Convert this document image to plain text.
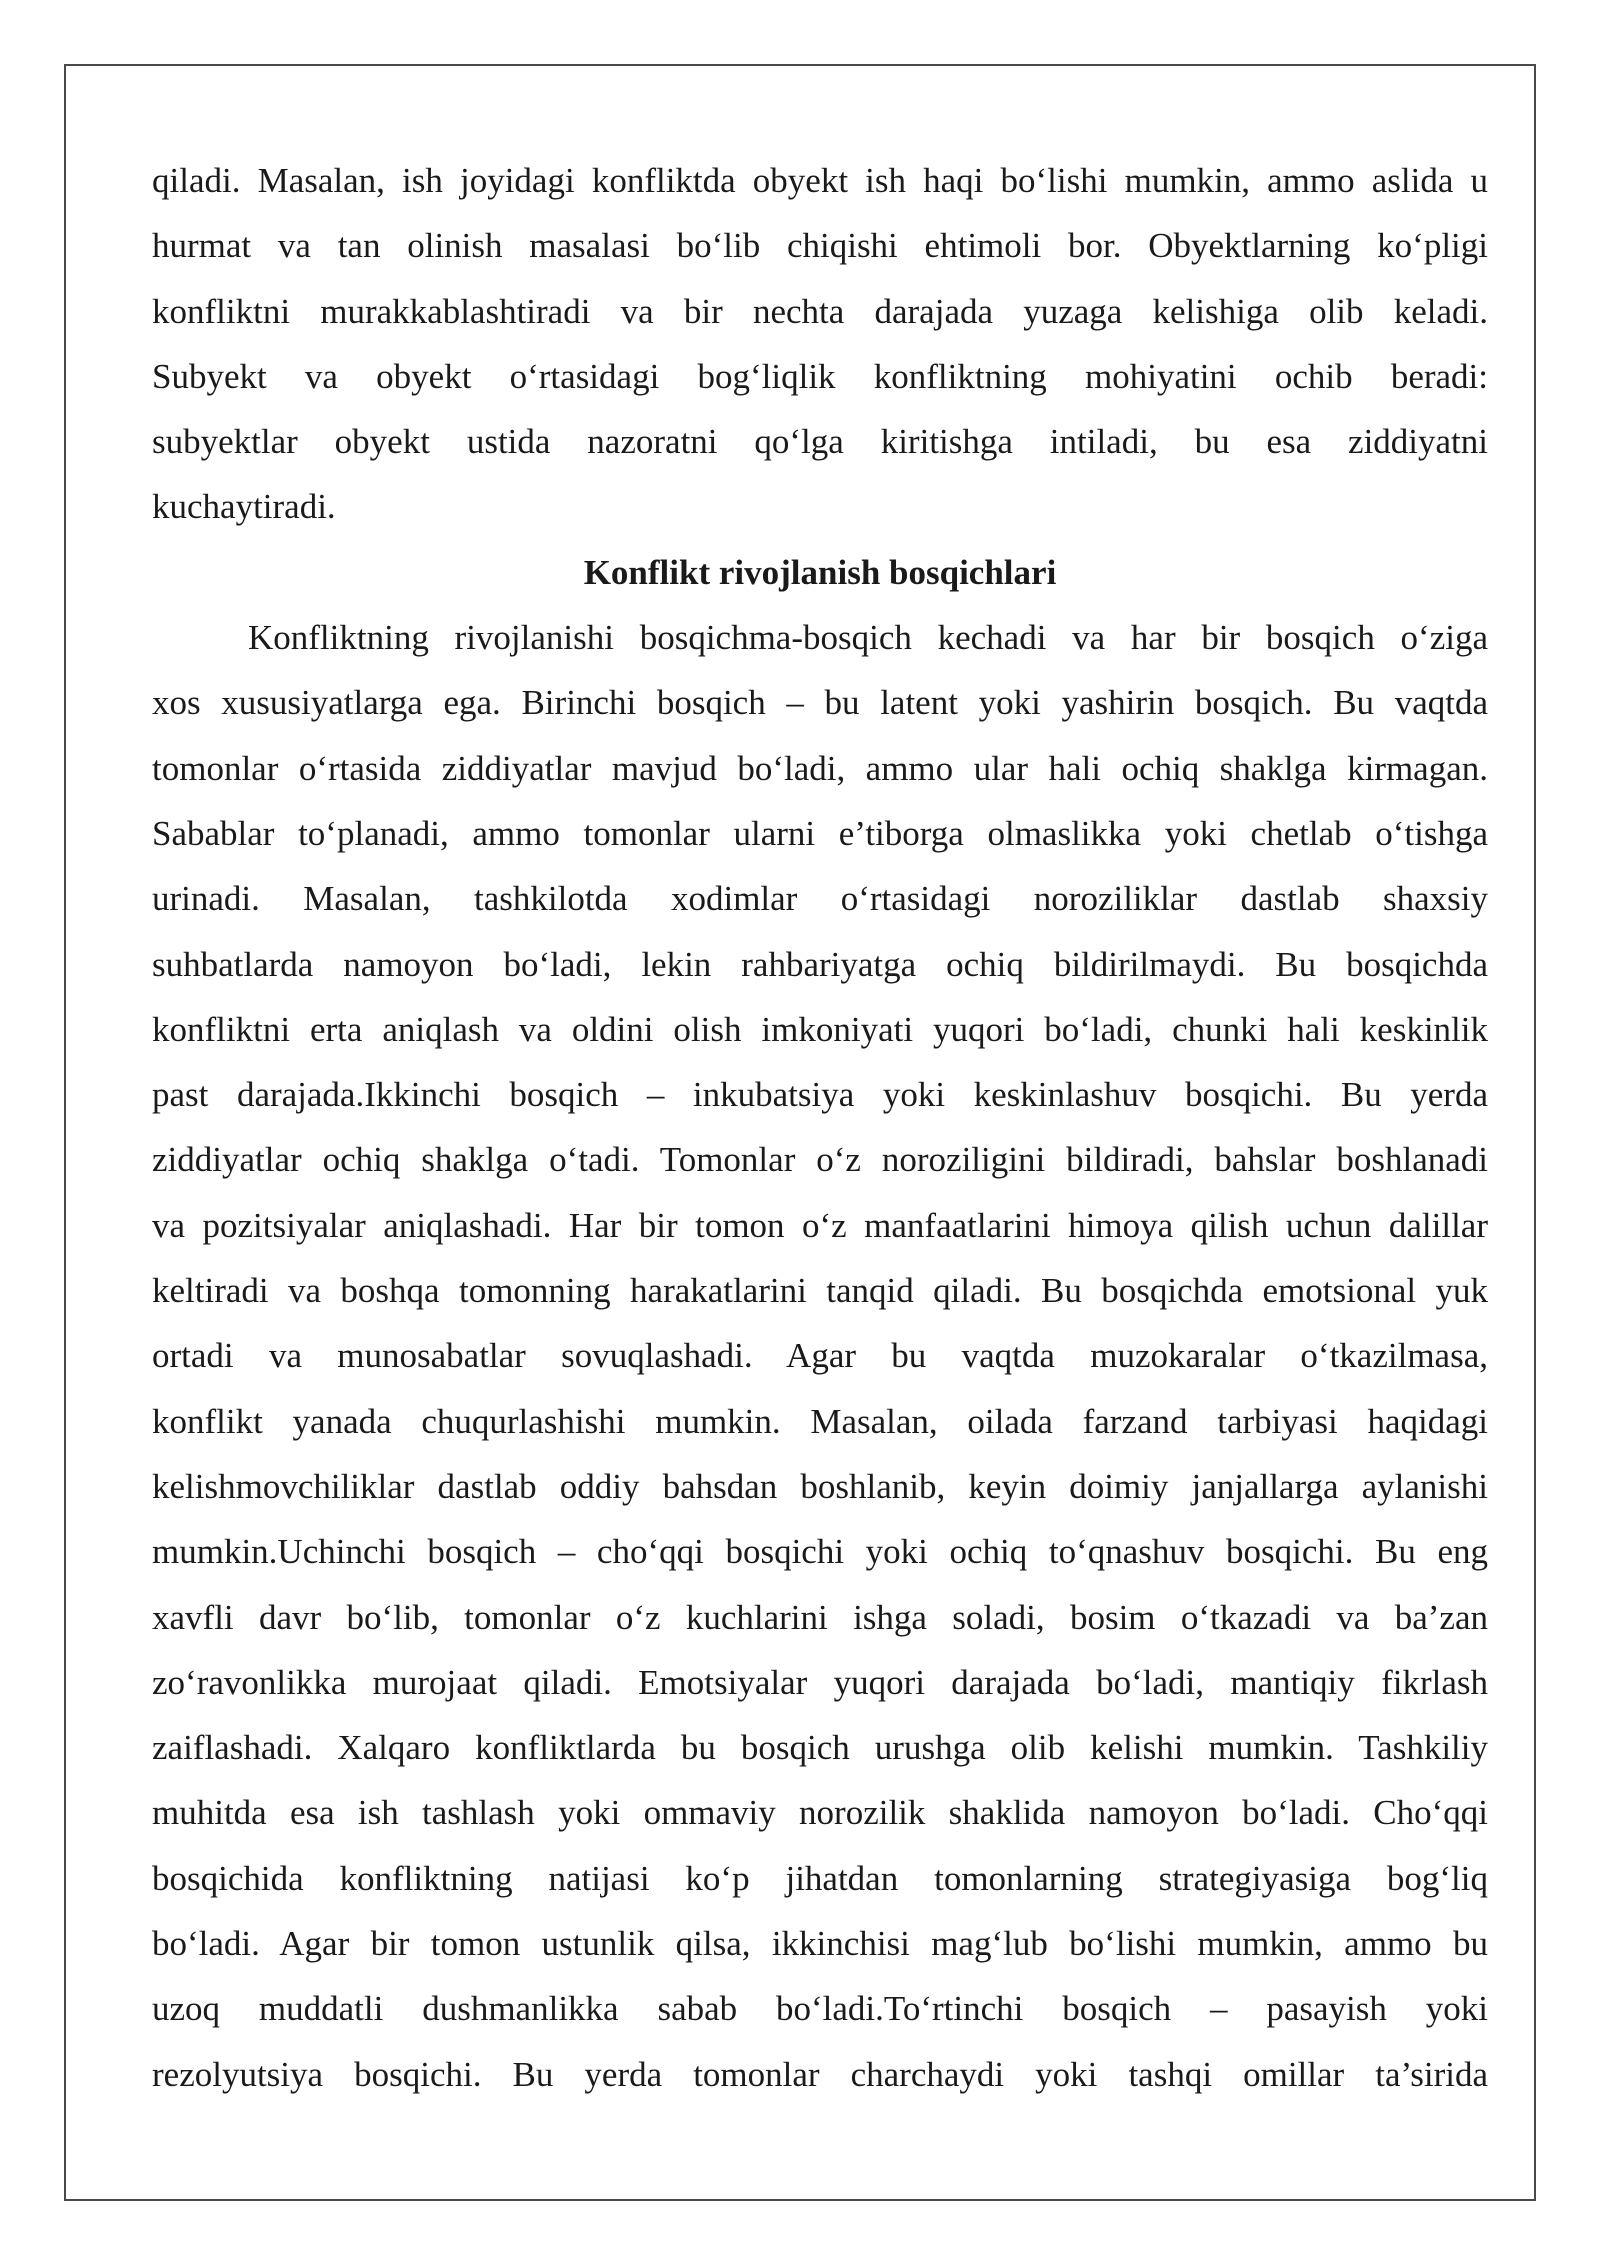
qiladi. Masalan, ish joyidagi konfliktda obyekt ish haqi bo‘lishi mumkin, ammo aslida u
hurmat va tan olinish masalasi bo‘lib chiqishi ehtimoli bor. Obyektlarning ko‘pligi
konfliktni murakkablashtiradi va bir nechta darajada yuzaga kelishiga olib keladi.
Subyekt va obyekt o‘rtasidagi bog‘liqlik konfliktning mohiyatini ochib beradi:
subyektlar obyekt ustida nazoratni qo‘lga kiritishga intiladi, bu esa ziddiyatni
kuchaytiradi.
Konflikt rivojlanish bosqichlari
Konfliktning rivojlanishi bosqichma-bosqich kechadi va har bir bosqich o‘ziga
xos xususiyatlarga ega. Birinchi bosqich – bu latent yoki yashirin bosqich. Bu vaqtda
tomonlar o‘rtasida ziddiyatlar mavjud bo‘ladi, ammo ular hali ochiq shaklga kirmagan.
Sabablar to‘planadi, ammo tomonlar ularni e’tiborga olmaslikka yoki chetlab o‘tishga
urinadi. Masalan, tashkilotda xodimlar o‘rtasidagi noroziliklar dastlab shaxsiy
suhbatlarda namoyon bo‘ladi, lekin rahbariyatga ochiq bildirilmaydi. Bu bosqichda
konfliktni erta aniqlash va oldini olish imkoniyati yuqori bo‘ladi, chunki hali keskinlik
past darajada.Ikkinchi bosqich – inkubatsiya yoki keskinlashuv bosqichi. Bu yerda
ziddiyatlar ochiq shaklga o‘tadi. Tomonlar o‘z noroziligini bildiradi, bahslar boshlanadi
va pozitsiyalar aniqlashadi. Har bir tomon o‘z manfaatlarini himoya qilish uchun dalillar
keltiradi va boshqa tomonning harakatlarini tanqid qiladi. Bu bosqichda emotsional yuk
ortadi va munosabatlar sovuqlashadi. Agar bu vaqtda muzokaralar o‘tkazilmasa,
konflikt yanada chuqurlashishi mumkin. Masalan, oilada farzand tarbiyasi haqidagi
kelishmovchiliklar dastlab oddiy bahsdan boshlanib, keyin doimiy janjallarga aylanishi
mumkin.Uchinchi bosqich – cho‘qqi bosqichi yoki ochiq to‘qnashuv bosqichi. Bu eng
xavfli davr bo‘lib, tomonlar o‘z kuchlarini ishga soladi, bosim o‘tkazadi va ba’zan
zo‘ravonlikka murojaat qiladi. Emotsiyalar yuqori darajada bo‘ladi, mantiqiy fikrlash
zaiflashadi. Xalqaro konfliktlarda bu bosqich urushga olib kelishi mumkin. Tashkiliy
muhitda esa ish tashlash yoki ommaviy norozilik shaklida namoyon bo‘ladi. Cho‘qqi
bosqichida konfliktning natijasi ko‘p jihatdan tomonlarning strategiyasiga bog‘liq
bo‘ladi. Agar bir tomon ustunlik qilsa, ikkinchisi mag‘lub bo‘lishi mumkin, ammo bu
uzoq muddatli dushmanlikka sabab bo‘ladi.To‘rtinchi bosqich – pasayish yoki
rezolyutsiya bosqichi. Bu yerda tomonlar charchaydi yoki tashqi omillar ta’sirida
